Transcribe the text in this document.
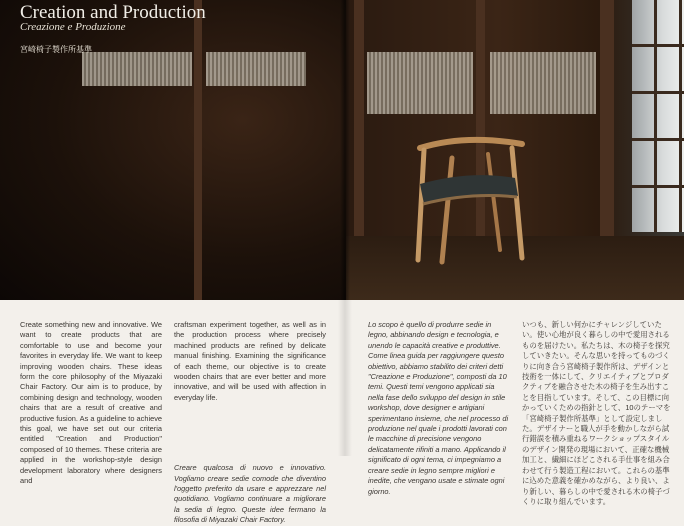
Creation and Production
Creazione e Produzione
宮崎椅子製作所基準

Create something new and innovative. We want to create products that are comfortable to use and become your favorites in everyday life. We want to keep improving wooden chairs. These ideas form the core philosophy of the Miyazaki Chair Factory. Our aim is to produce, by combining design and technology, wooden chairs that are a result of creative and productive fusion. As a guideline to achieve this goal, we have set out our criteria entitled "Creation and Production" composed of 10 themes. These criteria are applied in the workshop-style design development laboratory where designers and

craftsman experiment together, as well as in the production process where precisely machined products are refined by delicate manual finishing. Examining the significance of each theme, our objective is to create wooden chairs that are ever better and more innovative, and will be used with affection in everyday life.

Creare qualcosa di nuovo e innovativo. Vogliamo creare sedie comode che diventino l'oggetto preferito da usare e apprezzare nel quotidiano. Vogliamo continuare a migliorare la sedia di legno. Queste idee fermano la filosofia di Miyazaki Chair Factory.

Lo scopo è quello di produrre sedie in legno, abbinando design e tecnologia, e unendo le capacità creative e produttive. Come linea guida per raggiungere questo obiettivo, abbiamo stabilito dei criteri detti "Creazione e Produzione", composti da 10 temi. Questi temi vengono applicati sia nella fase dello sviluppo del design in stile workshop, dove designer e artigiani sperimentano insieme, che nel processo di produzione nel quale i prodotti lavorati con le macchine di precisione vengono delicatamente rifiniti a mano. Applicando il significato di ogni tema, ci impegniamo a creare sedie in legno sempre migliori e inedite, che vengano usate e stimate ogni giorno.

いつも、新しい何かにチャレンジしていたい。使い心地が良く暮らしの中で愛用されるものを届けたい。私たちは、木の椅子を探究していきたい。そんな思いを持ってものづくりに向き合う宮崎椅子製作所は、デザインと技術を一体にして、クリエイティブとプロダクティブを融合させた木の椅子を生み出すことを目指しています。そして、この目標に向かっていくための指針として、10のテーマを「宮崎椅子製作所基準」として設定しました。デザイナーと職人が手を動かしながら試行錯誤を積み重ねるワークショップスタイルのデザイン開発の現場において、正確な機械加工と、繊細にほどこされる手仕事を組み合わせて行う製造工程において。これらの基準に込めた意義を確かめながら、より良い、より新しい、暮らしの中で愛される木の椅子づくりに取り組んでいます。
